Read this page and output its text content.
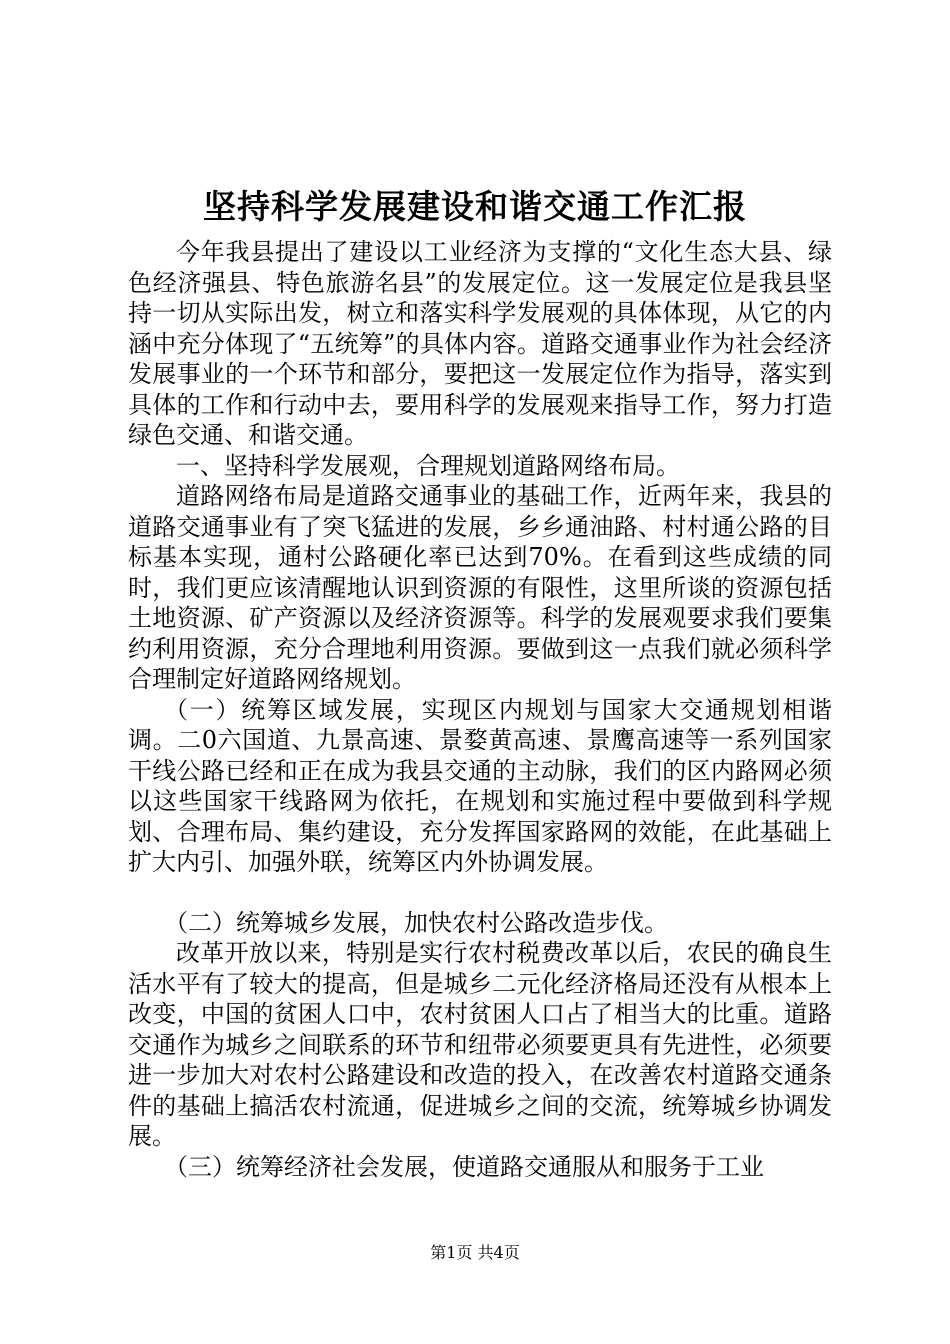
坚持科学发展建设和谐交通工作汇报

今年我县提出了建设以工业经济为支撑的“文化生态大县、绿色经济强县、特色旅游名县”的发展定位。这一发展定位是我县坚持一切从实际出发，树立和落实科学发展观的具体体现，从它的内涵中充分体现了“五统筹”的具体内容。道路交通事业作为社会经济发展事业的一个环节和部分，要把这一发展定位作为指导，落实到具体的工作和行动中去，要用科学的发展观来指导工作，努力打造绿色交通、和谐交通。

一、坚持科学发展观，合理规划道路网络布局。

道路网络布局是道路交通事业的基础工作，近两年来，我县的道路交通事业有了突飞猛进的发展，乡乡通油路、村村通公路的目标基本实现，通村公路硬化率已达到70%。在看到这些成绩的同时，我们更应该清醒地认识到资源的有限性，这里所谈的资源包括土地资源、矿产资源以及经济资源等。科学的发展观要求我们要集约利用资源，充分合理地利用资源。要做到这一点我们就必须科学合理制定好道路网络规划。

（一）统筹区域发展，实现区内规划与国家大交通规划相谐调。二0六国道、九景高速、景婺黄高速、景鹰高速等一系列国家干线公路已经和正在成为我县交通的主动脉，我们的区内路网必须以这些国家干线路网为依托，在规划和实施过程中要做到科学规划、合理布局、集约建设，充分发挥国家路网的效能，在此基础上扩大内引、加强外联，统筹区内外协调发展。

（二）统筹城乡发展，加快农村公路改造步伐。

改革开放以来，特别是实行农村税费改革以后，农民的确良生活水平有了较大的提高，但是城乡二元化经济格局还没有从根本上改变，中国的贫困人口中，农村贫困人口占了相当大的比重。道路交通作为城乡之间联系的环节和纽带必须要更具有先进性，必须要进一步加大对农村公路建设和改造的投入，在改善农村道路交通条件的基础上搞活农村流通，促进城乡之间的交流，统筹城乡协调发展。

（三）统筹经济社会发展，使道路交通服从和服务于工业

第1页 共4页
